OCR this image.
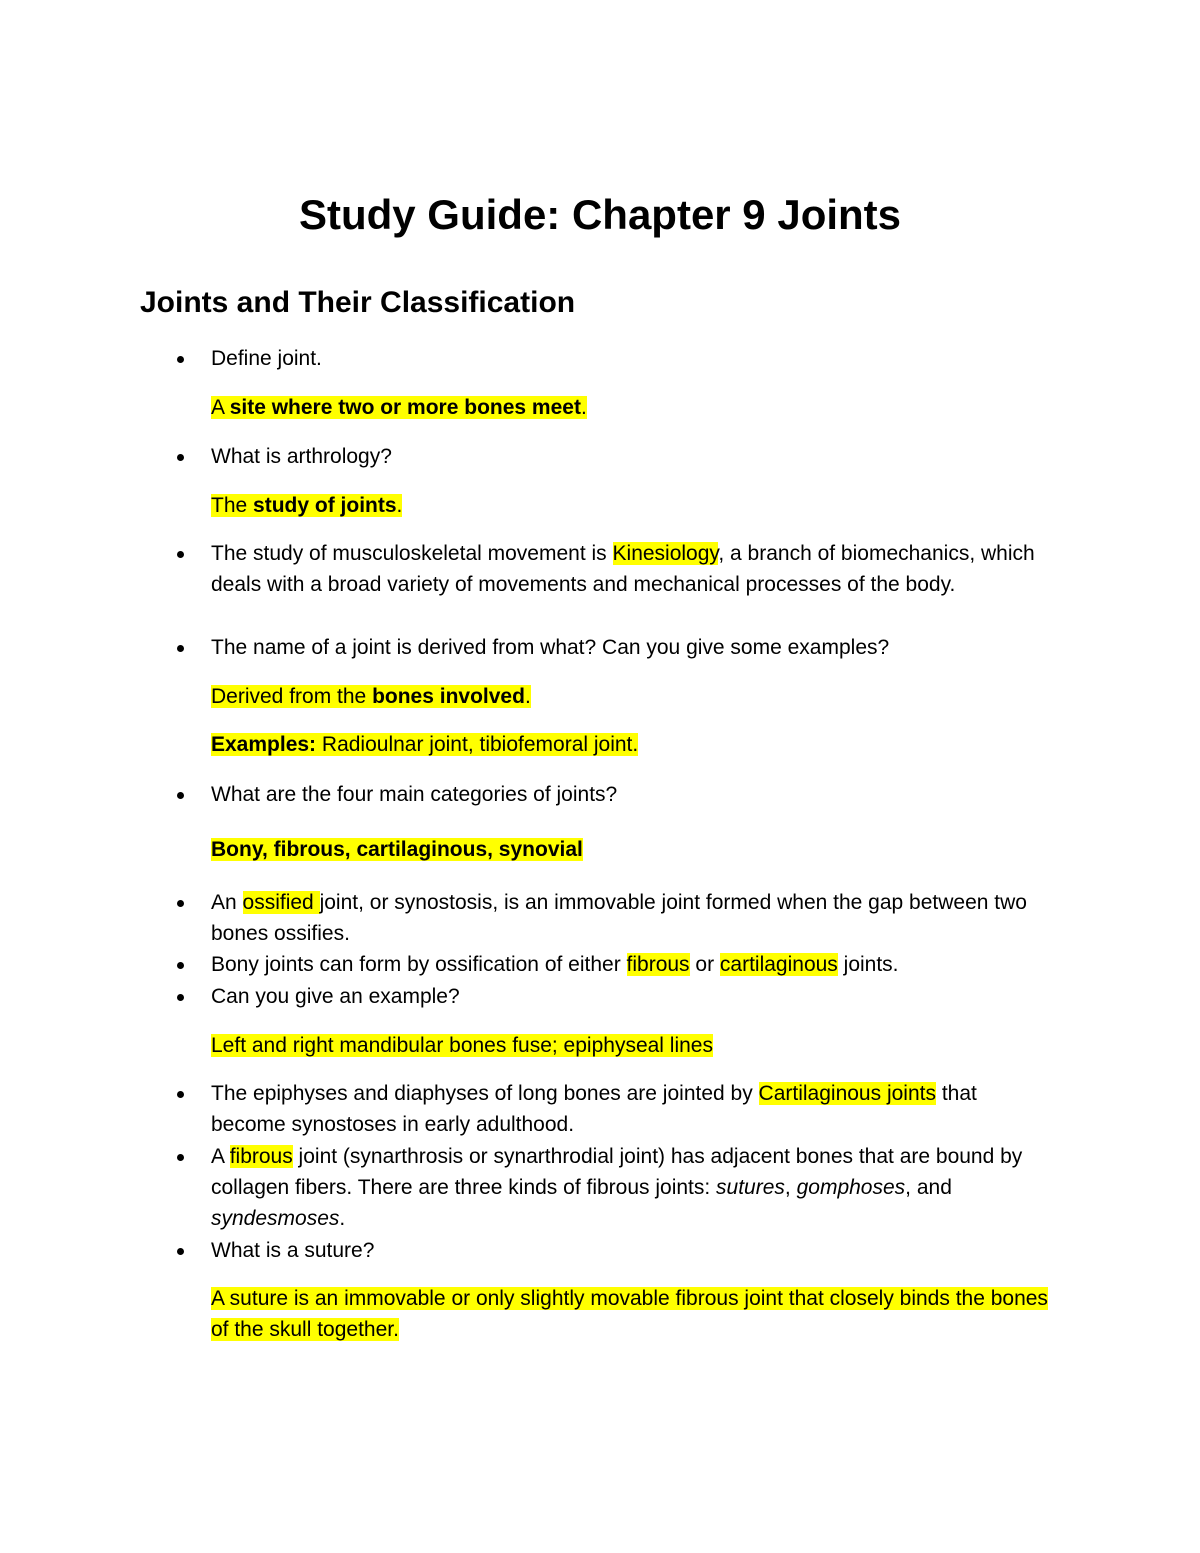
Study Guide: Chapter 9 Joints
Joints and Their Classification
Define joint.
A site where two or more bones meet.
What is arthrology?
The study of joints.
The study of musculoskeletal movement is Kinesiology, a branch of biomechanics, which deals with a broad variety of movements and mechanical processes of the body.
The name of a joint is derived from what? Can you give some examples?
Derived from the bones involved.
Examples: Radioulnar joint, tibiofemoral joint.
What are the four main categories of joints?
Bony, fibrous, cartilaginous, synovial
An ossified joint, or synostosis, is an immovable joint formed when the gap between two bones ossifies.
Bony joints can form by ossification of either fibrous or cartilaginous joints.
Can you give an example?
Left and right mandibular bones fuse; epiphyseal lines
The epiphyses and diaphyses of long bones are jointed by Cartilaginous joints that become synostoses in early adulthood.
A fibrous joint (synarthrosis or synarthrodial joint) has adjacent bones that are bound by collagen fibers. There are three kinds of fibrous joints: sutures, gomphoses, and syndesmoses.
What is a suture?
A suture is an immovable or only slightly movable fibrous joint that closely binds the bones of the skull together.
